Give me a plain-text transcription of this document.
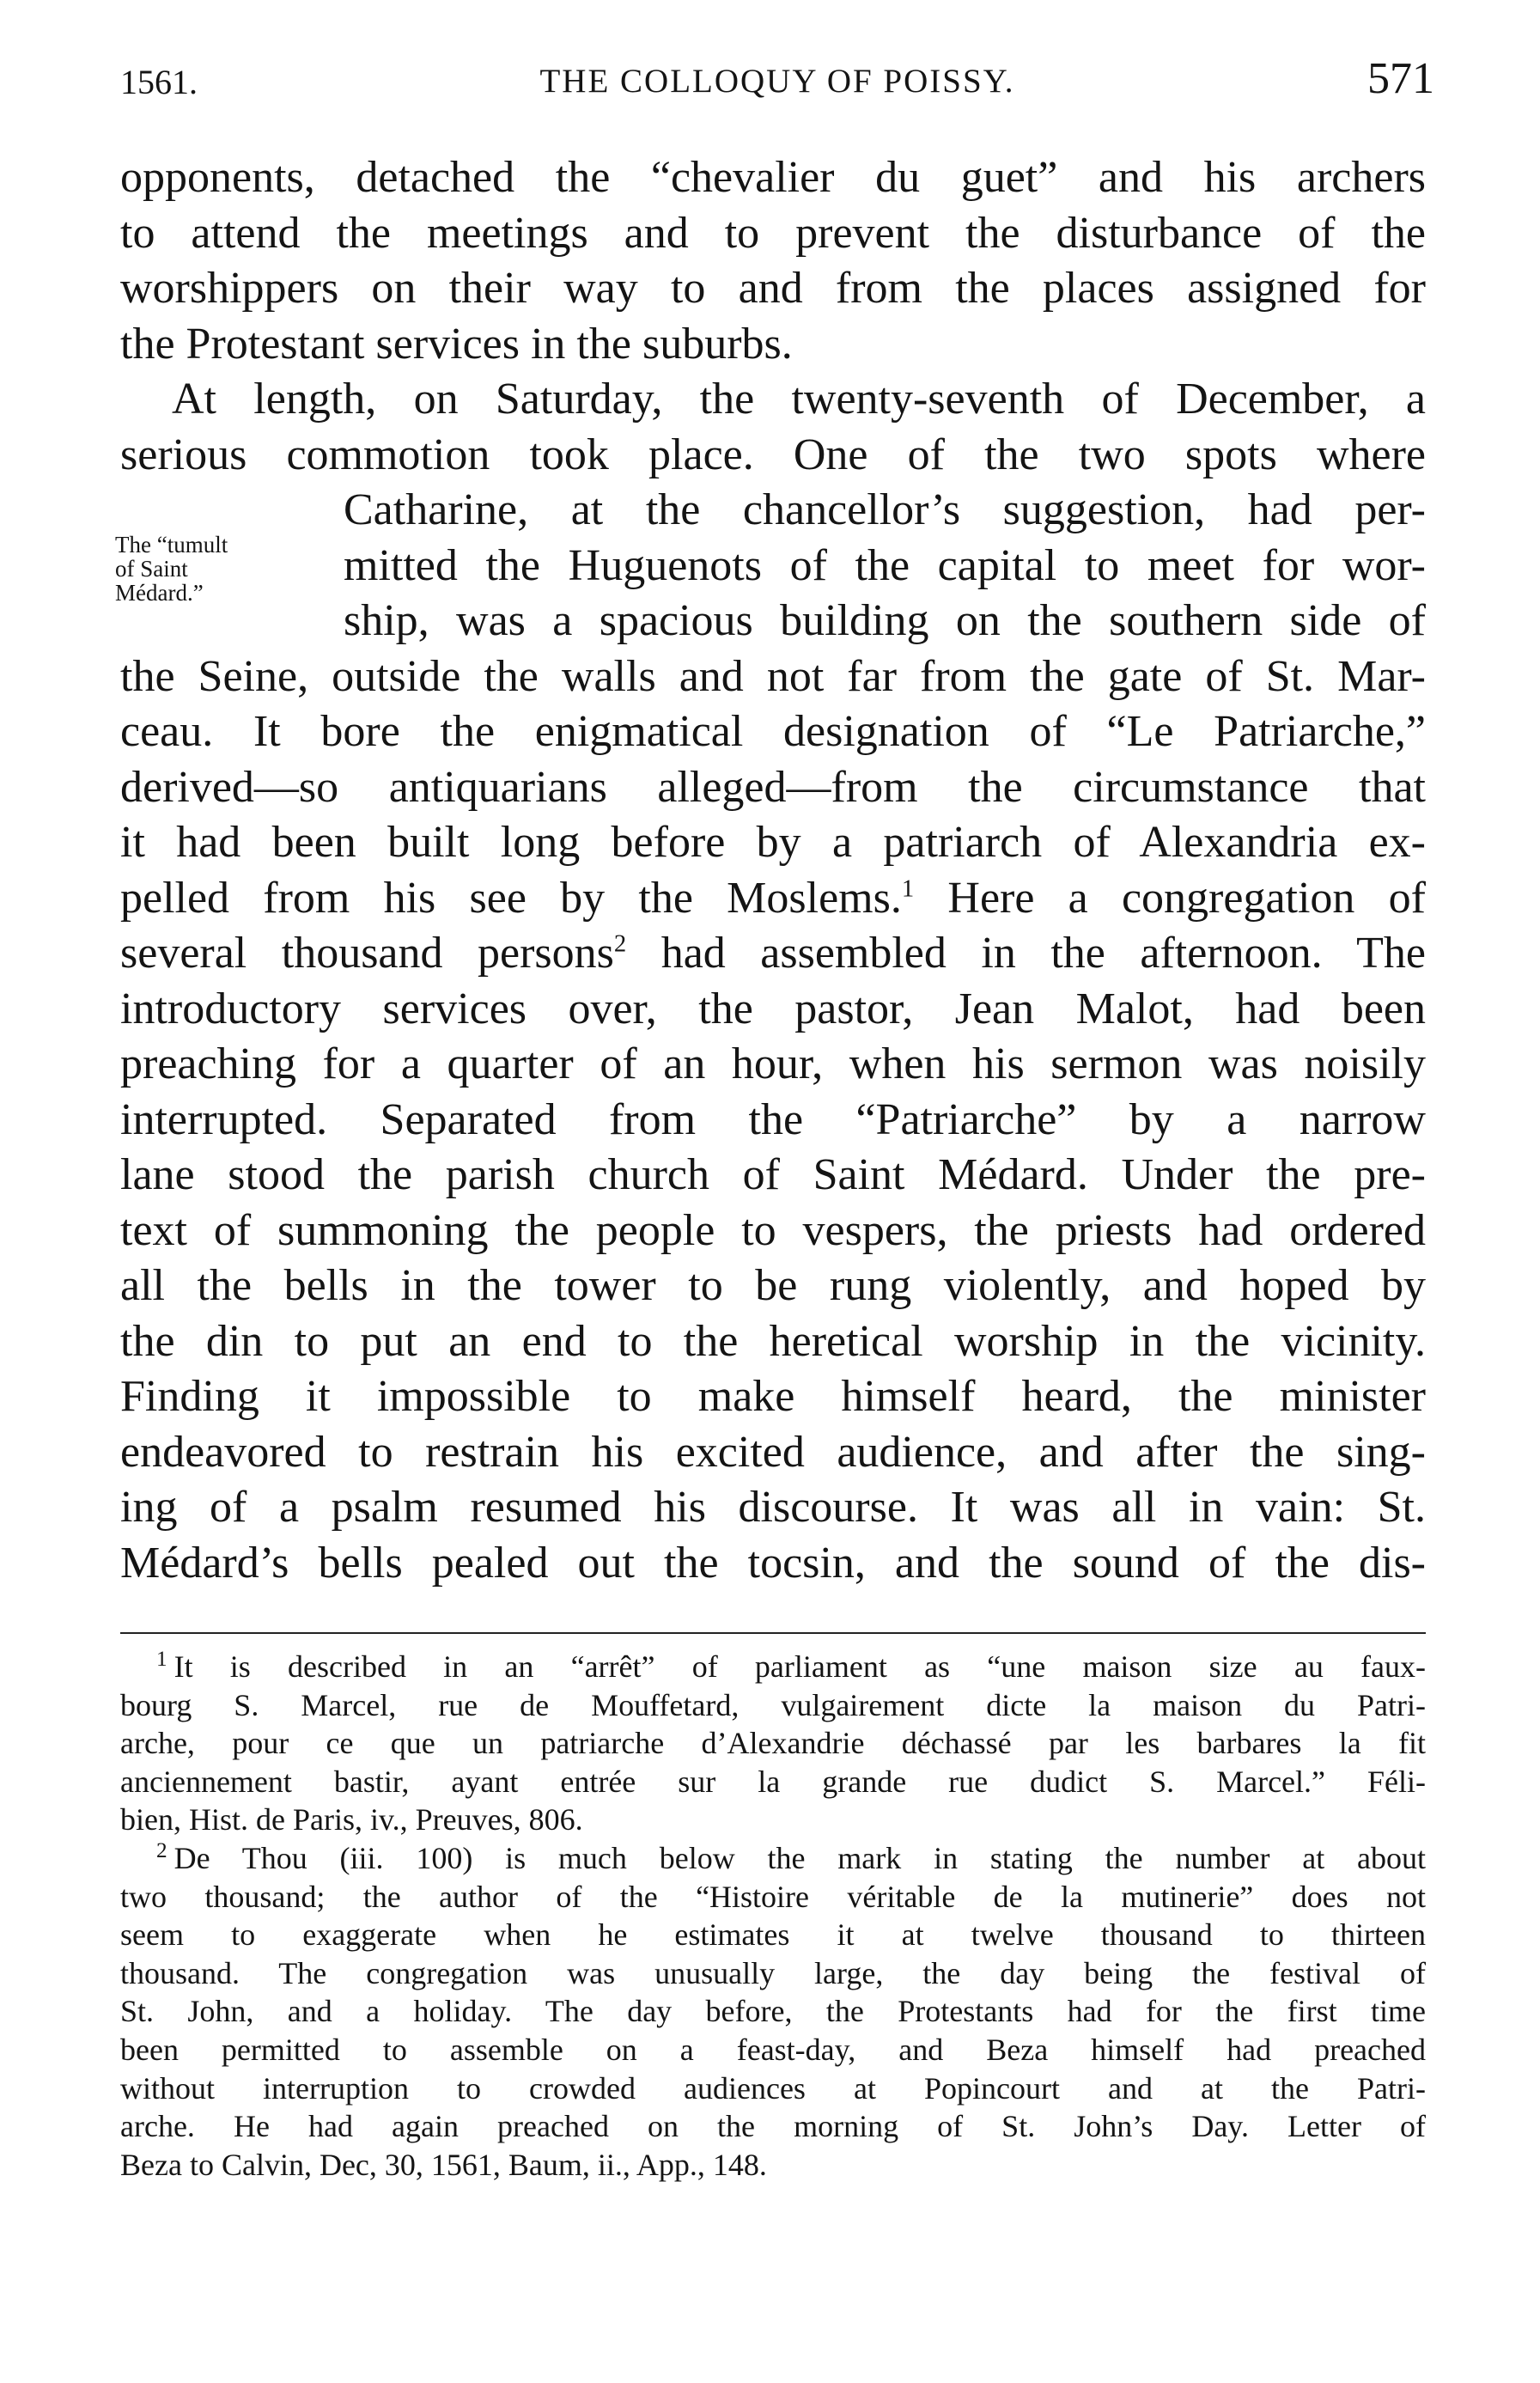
1561.	THE COLLOQUY OF POISSY.	571
The “tumult
of Saint
Médard.”
opponents, detached the “chevalier du guet” and his archers
to attend the meetings and to prevent the disturbance of the
worshippers on their way to and from the places assigned for
the Protestant services in the suburbs.
At length, on Saturday, the twenty-seventh of December, a
serious commotion took place. One of the two spots where
Catharine, at the chancellor’s suggestion, had per-
mitted the Huguenots of the capital to meet for wor-
ship, was a spacious building on the southern side of
the Seine, outside the walls and not far from the gate of St. Mar-
ceau. It bore the enigmatical designation of “Le Patriarche,”
derived—so antiquarians alleged—from the circumstance that
it had been built long before by a patriarch of Alexandria ex-
pelled from his see by the Moslems.$^1$ Here a congregation of
several thousand persons$^2$ had assembled in the afternoon. The
introductory services over, the pastor, Jean Malot, had been
preaching for a quarter of an hour, when his sermon was noisily
interrupted. Separated from the “Patriarche” by a narrow
lane stood the parish church of Saint Médard. Under the pre-
text of summoning the people to vespers, the priests had ordered
all the bells in the tower to be rung violently, and hoped by
the din to put an end to the heretical worship in the vicinity.
Finding it impossible to make himself heard, the minister
endeavored to restrain his excited audience, and after the sing-
ing of a psalm resumed his discourse. It was all in vain: St.
Médard’s bells pealed out the tocsin, and the sound of the dis-
$^1$ It is described in an “arrêt” of parliament as “une maison size au faux-
bourg S. Marcel, rue de Mouffetard, vulgairement dicte la maison du Patri-
arche, pour ce que un patriarche d’Alexandrie déchassé par les barbares la fit
anciennement bastir, ayant entrée sur la grande rue dudict S. Marcel.” Féli-
bien, Hist. de Paris, iv., Preuves, 806.
$^2$ De Thou (iii. 100) is much below the mark in stating the number at about
two thousand; the author of the “Histoire véritable de la mutinerie” does not
seem to exaggerate when he estimates it at twelve thousand to thirteen
thousand. The congregation was unusually large, the day being the festival of
St. John, and a holiday. The day before, the Protestants had for the first time
been permitted to assemble on a feast-day, and Beza himself had preached
without interruption to crowded audiences at Popincourt and at the Patri-
arche. He had again preached on the morning of St. John’s Day. Letter of
Beza to Calvin, Dec, 30, 1561, Baum, ii., App., 148.
